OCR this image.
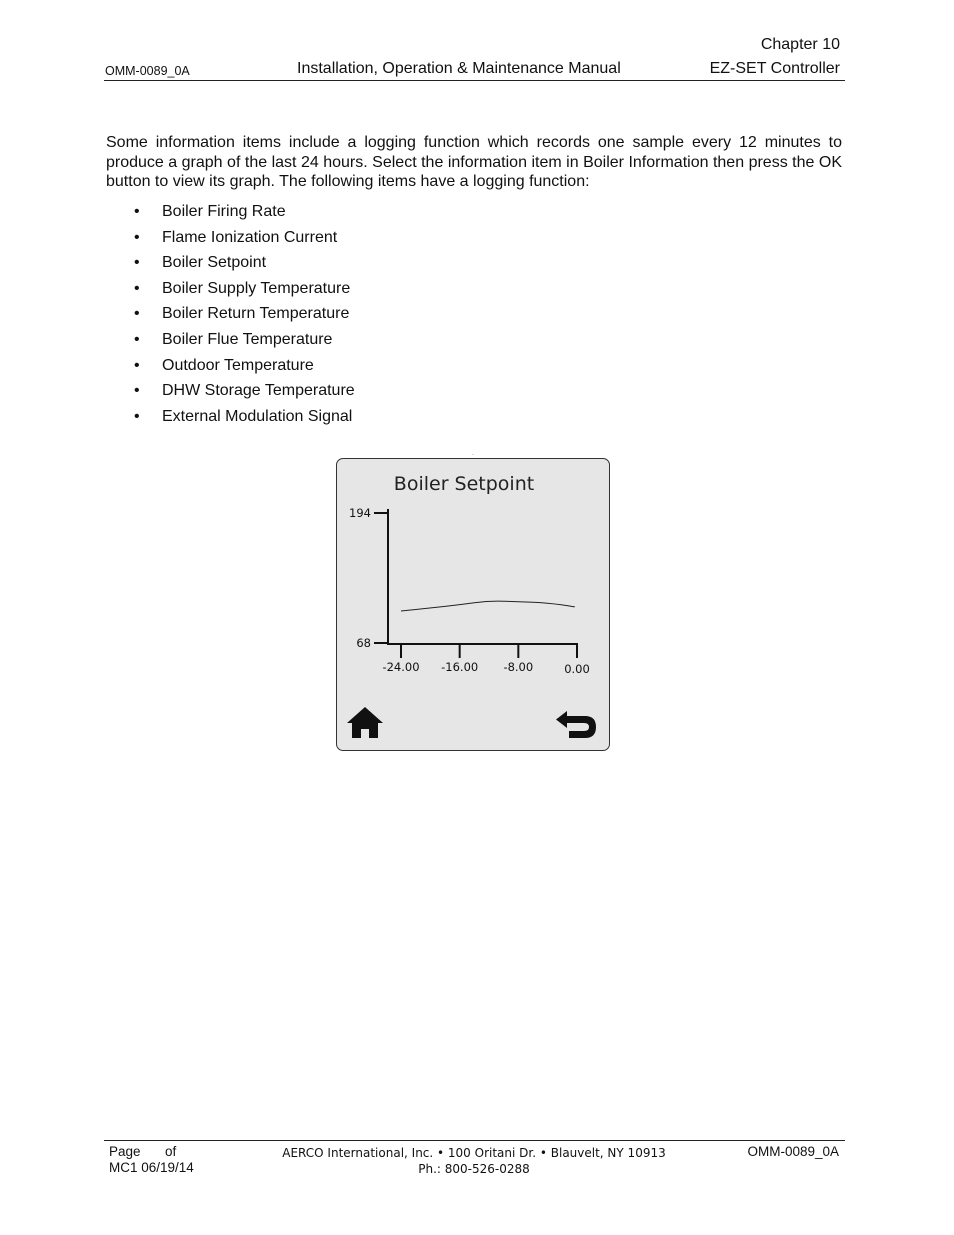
Chapter 10
OMM-0089_0A	Installation, Operation & Maintenance Manual	EZ-SET Controller
Some information items include a logging function which records one sample every 12 minutes to produce a graph of the last 24 hours. Select the information item in Boiler Information then press the OK button to view its graph. The following items have a logging function:
• Boiler Firing Rate
• Flame Ionization Current
• Boiler Setpoint
• Boiler Supply Temperature
• Boiler Return Temperature
• Boiler Flue Temperature
• Outdoor Temperature
• DHW Storage Temperature
• External Modulation Signal
·
Boiler Setpoint
-24.00 -16.00 -8.00	0.00
194
68
Page of
MC1 06/19/14
AERCO International, Inc. • 100 Oritani Dr. • Blauvelt, NY 10913
Ph.: 800-526-0288
OMM-0089_0A
